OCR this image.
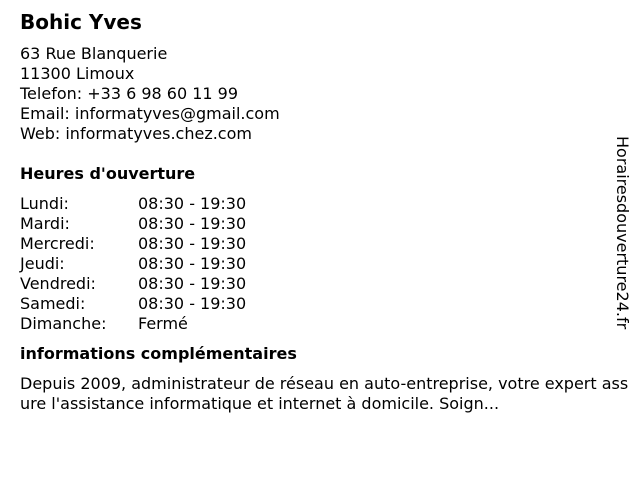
Bohic Yves
63 Rue Blanquerie
11300 Limoux
Telefon: +33 6 98 60 11 99
Email: informatyves@gmail.com
Web: informatyves.chez.com
Heures d'ouverture
Lundi:	08:30 - 19:30
Mardi:	08:30 - 19:30
Mercredi:	08:30 - 19:30
Jeudi:	08:30 - 19:30
Vendredi:	08:30 - 19:30
Samedi:	08:30 - 19:30
Dimanche:	Fermé
informations complémentaires
Depuis 2009, administrateur de réseau en auto-entreprise, votre expert assure l'assistance informatique et internet à domicile. Soign...
Horairesdouverture24.fr
